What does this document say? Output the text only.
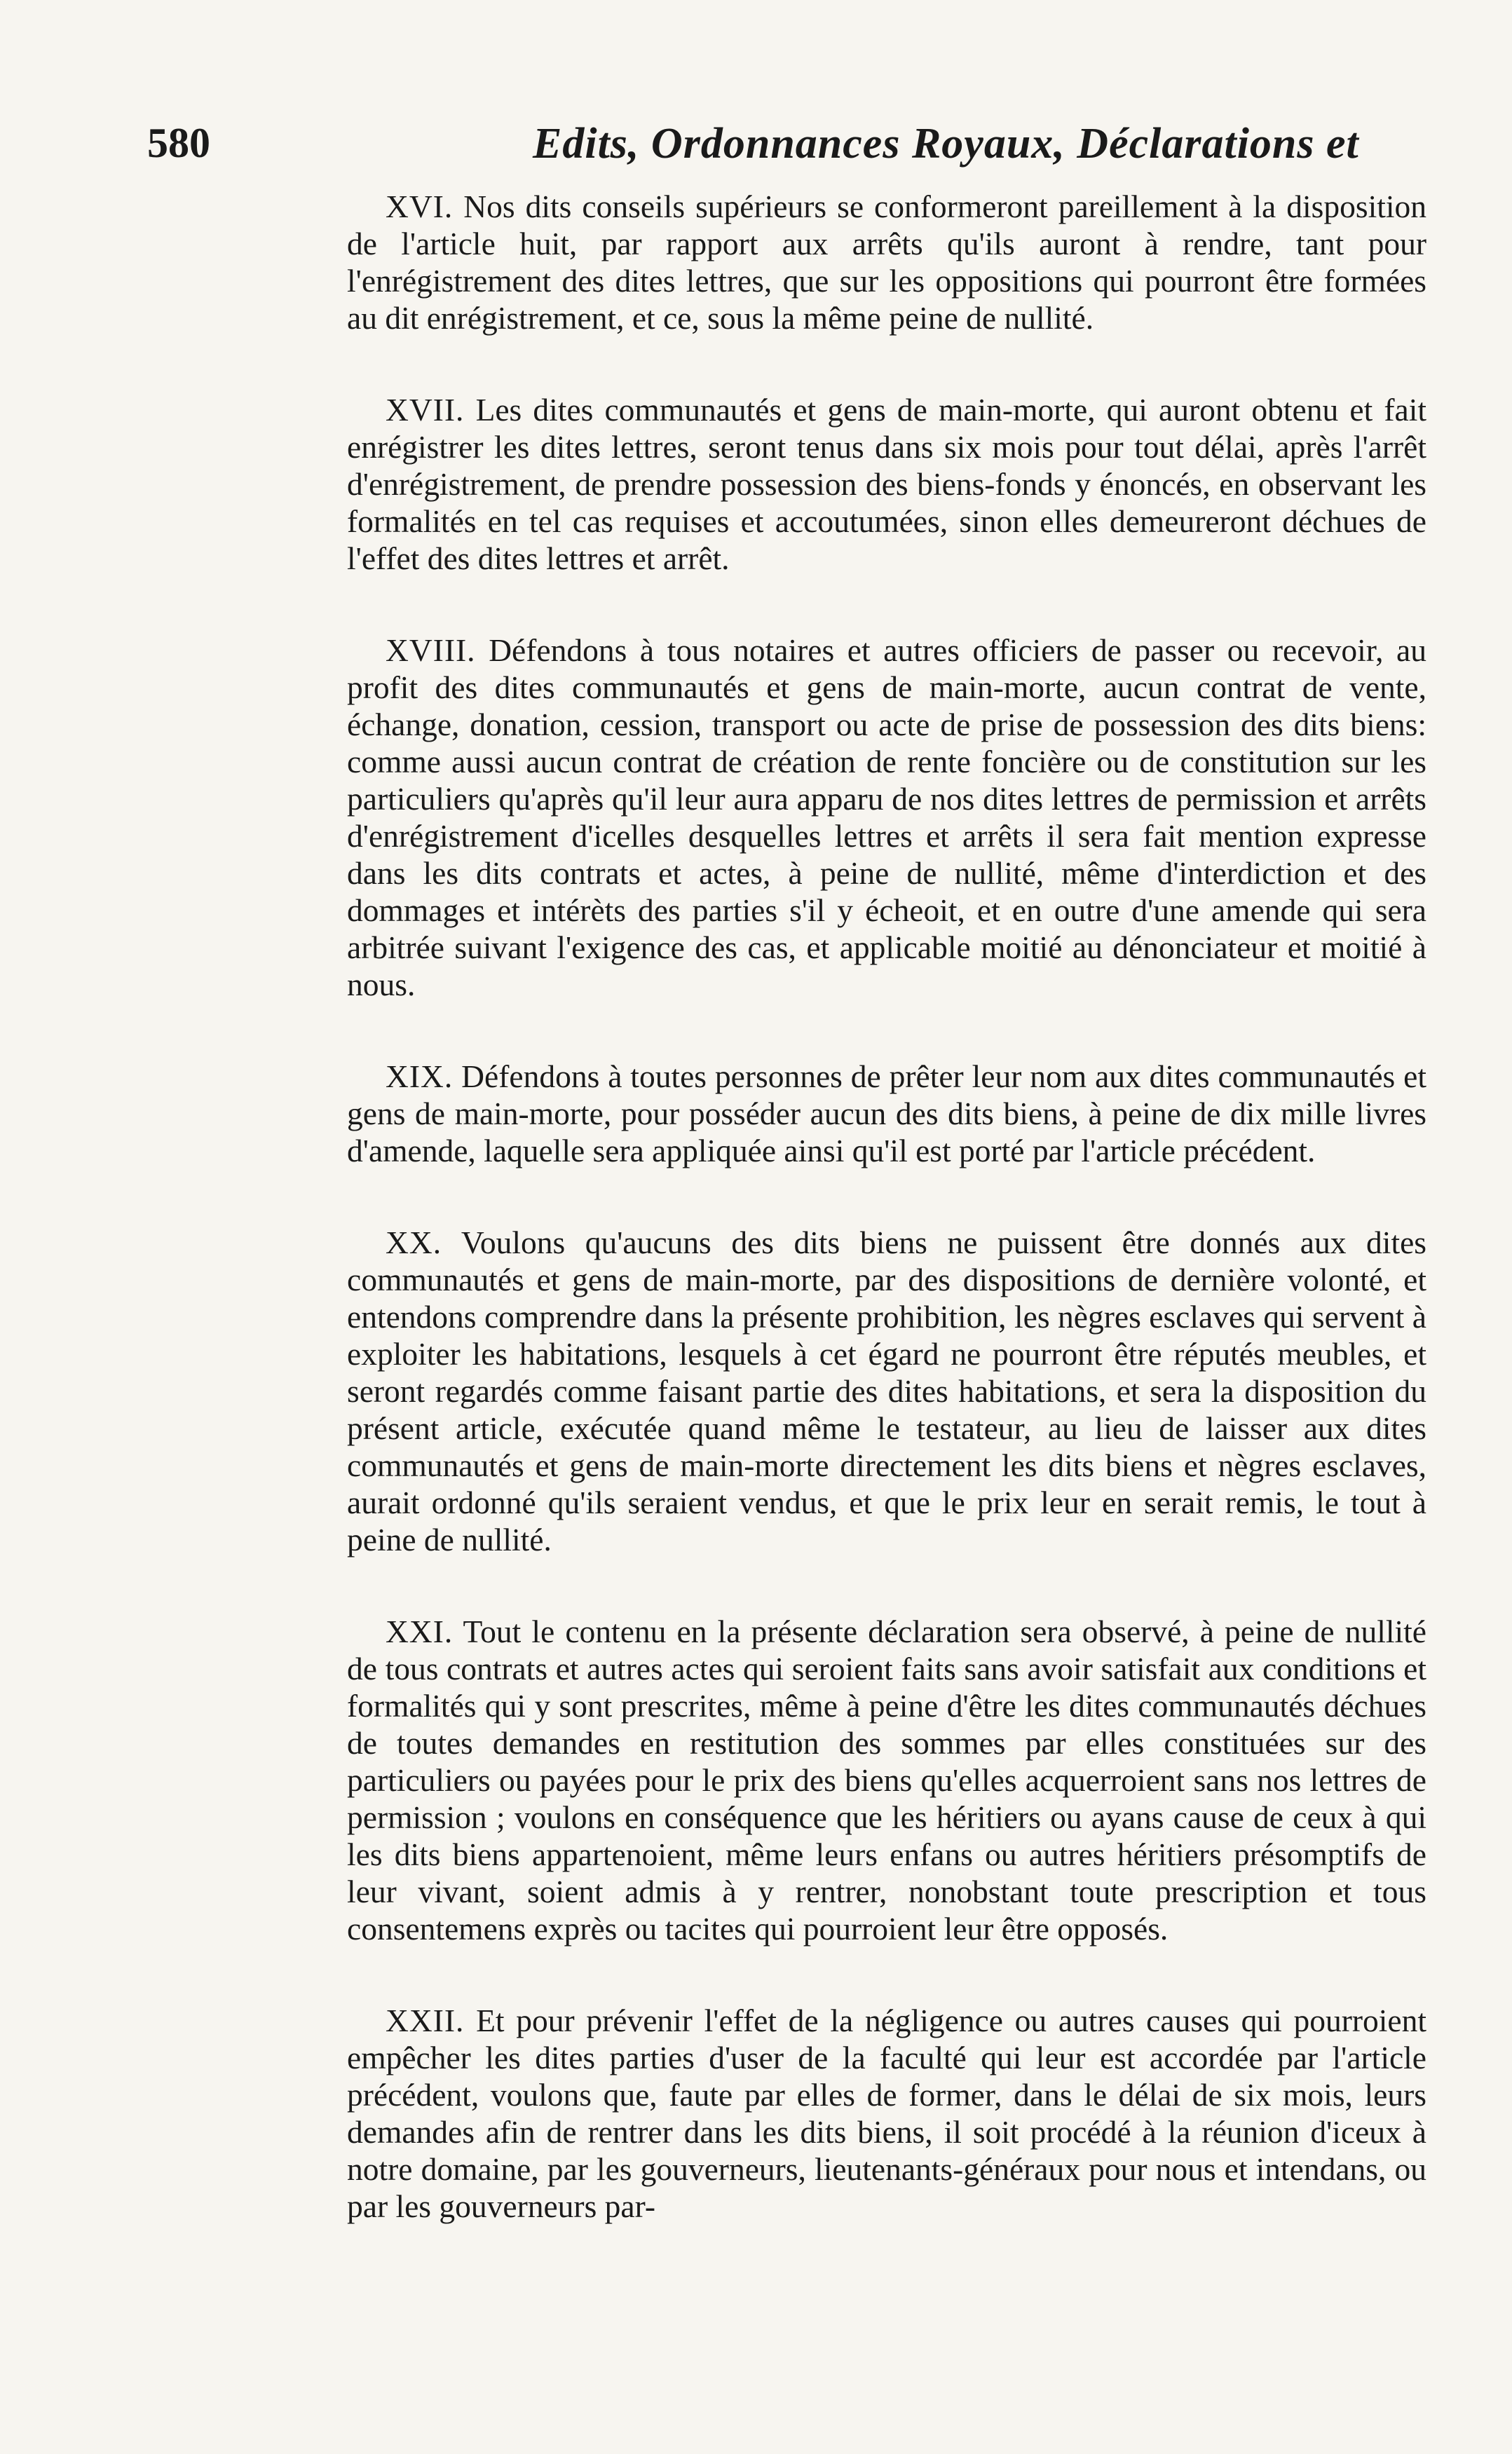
580	Edits, Ordonnances Royaux, Déclarations et

XVI. Nos dits conseils supérieurs se conformeront pareillement à la disposition de l'article huit, par rapport aux arrêts qu'ils auront à rendre, tant pour l'enrégistrement des dites lettres, que sur les oppositions qui pourront être formées au dit enrégistrement, et ce, sous la même peine de nullité.

XVII. Les dites communautés et gens de main-morte, qui auront obtenu et fait enrégistrer les dites lettres, seront tenus dans six mois pour tout délai, après l'arrêt d'enrégistrement, de prendre possession des biens-fonds y énoncés, en observant les formalités en tel cas requises et accoutumées, sinon elles demeureront déchues de l'effet des dites lettres et arrêt.

XVIII. Défendons à tous notaires et autres officiers de passer ou recevoir, au profit des dites communautés et gens de main-morte, aucun contrat de vente, échange, donation, cession, transport ou acte de prise de possession des dits biens: comme aussi aucun contrat de création de rente foncière ou de constitution sur les particuliers qu'après qu'il leur aura apparu de nos dites lettres de permission et arrêts d'enrégistrement d'icelles desquelles lettres et arrêts il sera fait mention expresse dans les dits contrats et actes, à peine de nullité, même d'interdiction et des dommages et intérèts des parties s'il y écheoit, et en outre d'une amende qui sera arbitrée suivant l'exigence des cas, et applicable moitié au dénonciateur et moitié à nous.

XIX. Défendons à toutes personnes de prêter leur nom aux dites communautés et gens de main-morte, pour posséder aucun des dits biens, à peine de dix mille livres d'amende, laquelle sera appliquée ainsi qu'il est porté par l'article précédent.

XX. Voulons qu'aucuns des dits biens ne puissent être donnés aux dites communautés et gens de main-morte, par des dispositions de dernière volonté, et entendons comprendre dans la présente prohibition, les nègres esclaves qui servent à exploiter les habitations, lesquels à cet égard ne pourront être réputés meubles, et seront regardés comme faisant partie des dites habitations, et sera la disposition du présent article, exécutée quand même le testateur, au lieu de laisser aux dites communautés et gens de main-morte directement les dits biens et nègres esclaves, aurait ordonné qu'ils seraient vendus, et que le prix leur en serait remis, le tout à peine de nullité.

XXI. Tout le contenu en la présente déclaration sera observé, à peine de nullité de tous contrats et autres actes qui seroient faits sans avoir satisfait aux conditions et formalités qui y sont prescrites, même à peine d'être les dites communautés déchues de toutes demandes en restitution des sommes par elles constituées sur des particuliers ou payées pour le prix des biens qu'elles acquerroient sans nos lettres de permission ; voulons en conséquence que les héritiers ou ayans cause de ceux à qui les dits biens appartenoient, même leurs enfans ou autres héritiers présomptifs de leur vivant, soient admis à y rentrer, nonobstant toute prescription et tous consentemens exprès ou tacites qui pourroient leur être opposés.

XXII. Et pour prévenir l'effet de la négligence ou autres causes qui pourroient empêcher les dites parties d'user de la faculté qui leur est accordée par l'article précédent, voulons que, faute par elles de former, dans le délai de six mois, leurs demandes afin de rentrer dans les dits biens, il soit procédé à la réunion d'iceux à notre domaine, par les gouverneurs, lieutenants-généraux pour nous et intendans, ou par les gouverneurs par-
